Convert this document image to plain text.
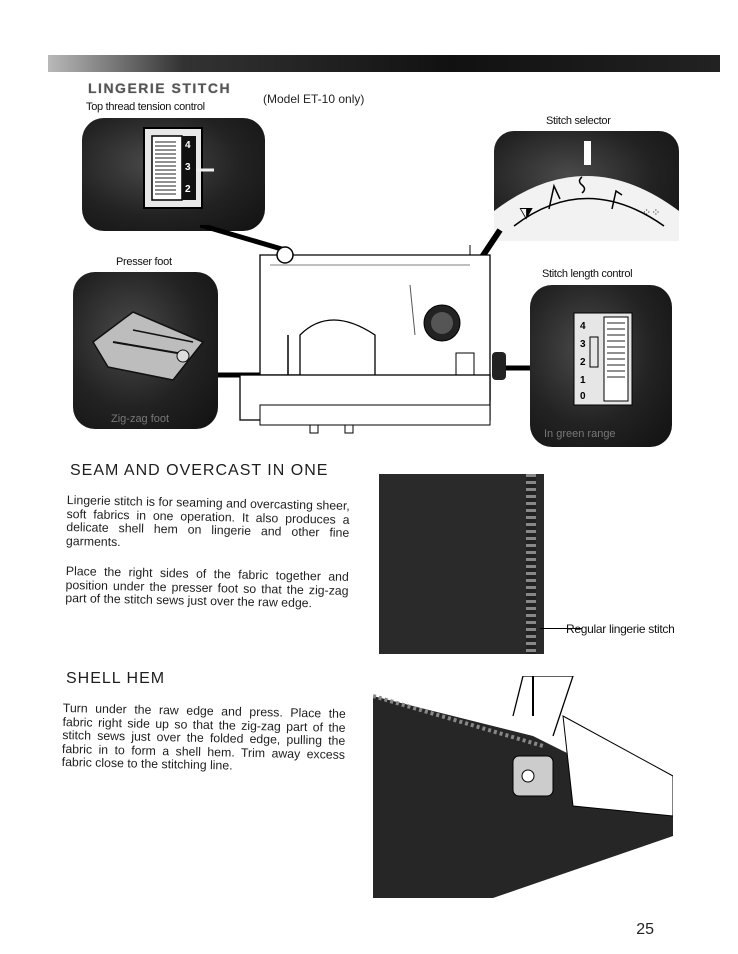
LINGERIE STITCH
(Model ET-10 only)
Top thread tension control
Stitch selector
Presser foot
Stitch length control
4
3
2
⧩	⁘⁘
Zig-zag foot
4
3
2
1
0
In green range
SEAM AND OVERCAST IN ONE
Lingerie stitch is for seaming and overcasting sheer, soft fabrics in one operation. It also produces a delicate shell hem on lingerie and other fine garments.
Place the right sides of the fabric together and position under the presser foot so that the zig-zag part of the stitch sews just over the raw edge.
Regular lingerie stitch
SHELL HEM
Turn under the raw edge and press. Place the fabric right side up so that the zig-zag part of the stitch sews just over the folded edge, pulling the fabric in to form a shell hem. Trim away excess fabric close to the stitching line.
25
